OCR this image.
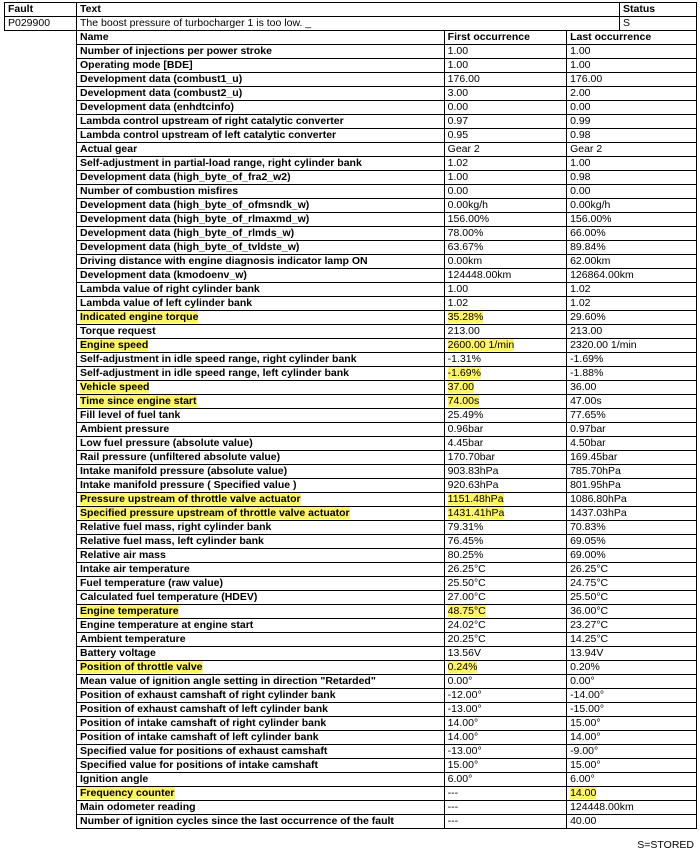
Fault	Text	Status
P029900	The boost pressure of turbocharger 1 is too low. _	S

Name	First occurrence	Last occurrence
Number of injections per power stroke	1.00	1.00
Operating mode [BDE]	1.00	1.00
Development data (combust1_u)	176.00	176.00
Development data (combust2_u)	3.00	2.00
Development data (enhdtcinfo)	0.00	0.00
Lambda control upstream of right catalytic converter	0.97	0.99
Lambda control upstream of left catalytic converter	0.95	0.98
Actual gear	Gear 2	Gear 2
Self-adjustment in partial-load range, right cylinder bank	1.02	1.00
Development data (high_byte_of_fra2_w2)	1.00	0.98
Number of combustion misfires	0.00	0.00
Development data (high_byte_of_ofmsndk_w)	0.00kg/h	0.00kg/h
Development data (high_byte_of_rlmaxmd_w)	156.00%	156.00%
Development data (high_byte_of_rlmds_w)	78.00%	66.00%
Development data (high_byte_of_tvldste_w)	63.67%	89.84%
Driving distance with engine diagnosis indicator lamp ON	0.00km	62.00km
Development data (kmodoenv_w)	124448.00km	126864.00km
Lambda value of right cylinder bank	1.00	1.02
Lambda value of left cylinder bank	1.02	1.02
Indicated engine torque	35.28%	29.60%
Torque request	213.00	213.00
Engine speed	2600.00 1/min	2320.00 1/min
Self-adjustment in idle speed range, right cylinder bank	-1.31%	-1.69%
Self-adjustment in idle speed range, left cylinder bank	-1.69%	-1.88%
Vehicle speed	37.00	36.00
Time since engine start	74.00s	47.00s
Fill level of fuel tank	25.49%	77.65%
Ambient pressure	0.96bar	0.97bar
Low fuel pressure (absolute value)	4.45bar	4.50bar
Rail pressure (unfiltered absolute value)	170.70bar	169.45bar
Intake manifold pressure (absolute value)	903.83hPa	785.70hPa
Intake manifold pressure ( Specified value )	920.63hPa	801.95hPa
Pressure upstream of throttle valve actuator	1151.48hPa	1086.80hPa
Specified pressure upstream of throttle valve actuator	1431.41hPa	1437.03hPa
Relative fuel mass, right cylinder bank	79.31%	70.83%
Relative fuel mass, left cylinder bank	76.45%	69.05%
Relative air mass	80.25%	69.00%
Intake air temperature	26.25°C	26.25°C
Fuel temperature (raw value)	25.50°C	24.75°C
Calculated fuel temperature (HDEV)	27.00°C	25.50°C
Engine temperature	48.75°C	36.00°C
Engine temperature at engine start	24.02°C	23.27°C
Ambient temperature	20.25°C	14.25°C
Battery voltage	13.56V	13.94V
Position of throttle valve	0.24%	0.20%
Mean value of ignition angle setting in direction "Retarded"	0.00°	0.00°
Position of exhaust camshaft of right cylinder bank	-12.00°	-14.00°
Position of exhaust camshaft of left cylinder bank	-13.00°	-15.00°
Position of intake camshaft of right cylinder bank	14.00°	15.00°
Position of intake camshaft of left cylinder bank	14.00°	14.00°
Specified value for positions of exhaust camshaft	-13.00°	-9.00°
Specified value for positions of intake camshaft	15.00°	15.00°
Ignition angle	6.00°	6.00°
Frequency counter	---	14.00
Main odometer reading	---	124448.00km
Number of ignition cycles since the last occurrence of the fault	---	40.00
S=STORED
